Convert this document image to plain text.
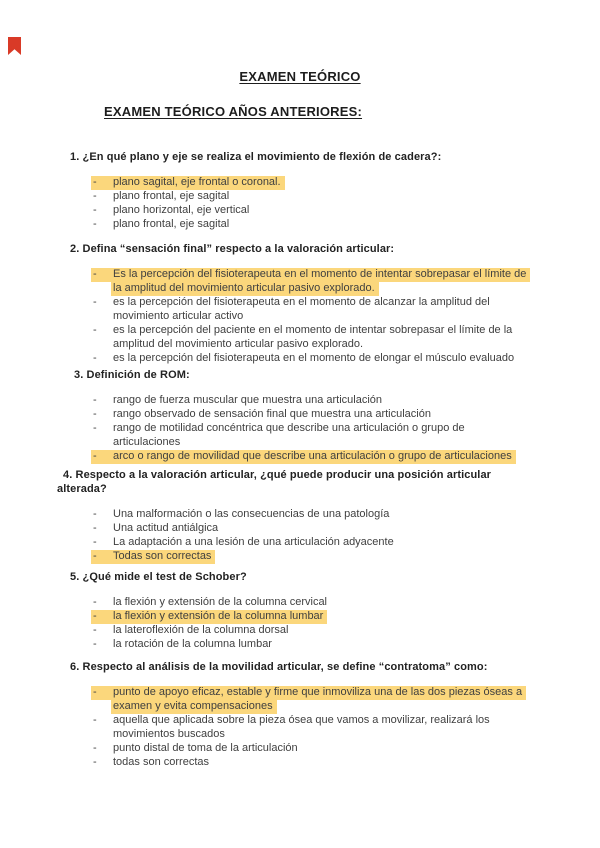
EXAMEN TEÓRICO
EXAMEN TEÓRICO AÑOS ANTERIORES:
1. ¿En qué plano y eje se realiza el movimiento de flexión de cadera?:
- plano sagital, eje frontal o coronal.
- plano frontal, eje sagital
- plano horizontal, eje vertical
- plano frontal, eje sagital
2. Defina “sensación final” respecto a la valoración articular:
- Es la percepción del fisioterapeuta en el momento de intentar sobrepasar el límite de
la amplitud del movimiento articular pasivo explorado.
- es la percepción del fisioterapeuta en el momento de alcanzar la amplitud del
movimiento articular activo
- es la percepción del paciente en el momento de intentar sobrepasar el límite de la
amplitud del movimiento articular pasivo explorado.
- es la percepción del fisioterapeuta en el momento de elongar el músculo evaluado
3. Definición de ROM:
- rango de fuerza muscular que muestra una articulación
- rango observado de sensación final que muestra una articulación
- rango de motilidad concéntrica que describe una articulación o grupo de
articulaciones
- arco o rango de movilidad que describe una articulación o grupo de articulaciones
4. Respecto a la valoración articular, ¿qué puede producir una posición articular
alterada?
- Una malformación o las consecuencias de una patología
- Una actitud antiálgica
- La adaptación a una lesión de una articulación adyacente
- Todas son correctas
5. ¿Qué mide el test de Schober?
- la flexión y extensión de la columna cervical
- la flexión y extensión de la columna lumbar
- la lateroflexión de la columna dorsal
- la rotación de la columna lumbar
6. Respecto al análisis de la movilidad articular, se define “contratoma” como:
- punto de apoyo eficaz, estable y firme que inmoviliza una de las dos piezas óseas a
examen y evita compensaciones
- aquella que aplicada sobre la pieza ósea que vamos a movilizar, realizará los
movimientos buscados
- punto distal de toma de la articulación
- todas son correctas
